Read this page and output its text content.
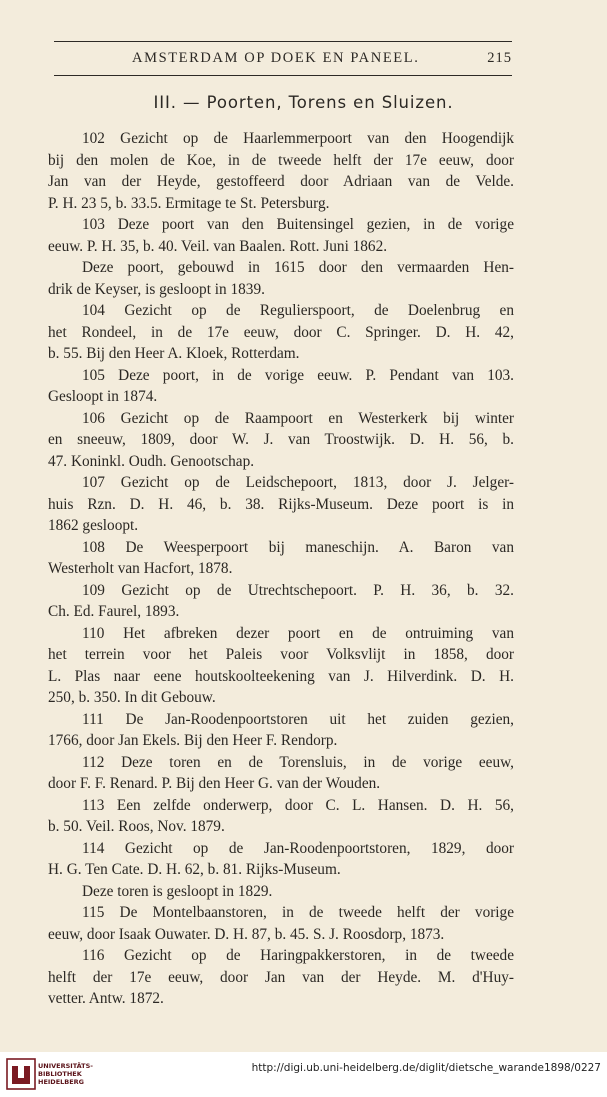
AMSTERDAM OP DOEK EN PANEEL.	215
III. — Poorten, Torens en Sluizen.
102 Gezicht op de Haarlemmerpoort van den Hoogendijk
bij den molen de Koe, in de tweede helft der 17e eeuw, door
Jan van der Heyde, gestoffeerd door Adriaan van de Velde.
P. H. 23 5, b. 33.5. Ermitage te St. Petersburg.
103 Deze poort van den Buitensingel gezien, in de vorige
eeuw. P. H. 35, b. 40. Veil. van Baalen. Rott. Juni 1862.
Deze poort, gebouwd in 1615 door den vermaarden Hen-
drik de Keyser, is gesloopt in 1839.
104 Gezicht op de Regulierspoort, de Doelenbrug en
het Rondeel, in de 17e eeuw, door C. Springer. D. H. 42,
b. 55. Bij den Heer A. Kloek, Rotterdam.
105 Deze poort, in de vorige eeuw. P. Pendant van 103.
Gesloopt in 1874.
106 Gezicht op de Raampoort en Westerkerk bij winter
en sneeuw, 1809, door W. J. van Troostwijk. D. H. 56, b.
47. Koninkl. Oudh. Genootschap.
107 Gezicht op de Leidschepoort, 1813, door J. Jelger-
huis Rzn. D. H. 46, b. 38. Rijks-Museum. Deze poort is in
1862 gesloopt.
108 De Weesperpoort bij maneschijn. A. Baron van
Westerholt van Hacfort, 1878.
109 Gezicht op de Utrechtschepoort. P. H. 36, b. 32.
Ch. Ed. Faurel, 1893.
110 Het afbreken dezer poort en de ontruiming van
het terrein voor het Paleis voor Volksvlijt in 1858, door
L. Plas naar eene houtskoolteekening van J. Hilverdink. D. H.
250, b. 350. In dit Gebouw.
111 De Jan-Roodenpoortstoren uit het zuiden gezien,
1766, door Jan Ekels. Bij den Heer F. Rendorp.
112 Deze toren en de Torensluis, in de vorige eeuw,
door F. F. Renard. P. Bij den Heer G. van der Wouden.
113 Een zelfde onderwerp, door C. L. Hansen. D. H. 56,
b. 50. Veil. Roos, Nov. 1879.
114 Gezicht op de Jan-Roodenpoortstoren, 1829, door
H. G. Ten Cate. D. H. 62, b. 81. Rijks-Museum.
Deze toren is gesloopt in 1829.
115 De Montelbaanstoren, in de tweede helft der vorige
eeuw, door Isaak Ouwater. D. H. 87, b. 45. S. J. Roosdorp, 1873.
116 Gezicht op de Haringpakkerstoren, in de tweede
helft der 17e eeuw, door Jan van der Heyde. M. d'Huy-
vetter. Antw. 1872.
UNIVERSITÄTS-
BIBLIOTHEK
HEIDELBERG
http://digi.ub.uni-heidelberg.de/diglit/dietsche_warande1898/0227
